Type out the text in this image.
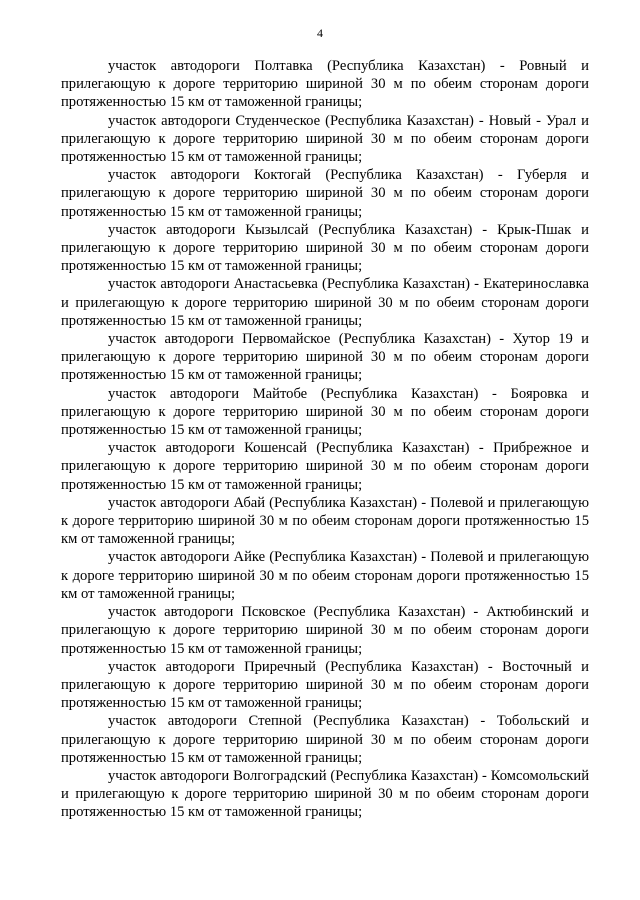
4

участок автодороги Полтавка (Республика Казахстан) - Ровный и прилегающую к дороге территорию шириной 30 м по обеим сторонам дороги протяженностью 15 км от таможенной границы;

участок автодороги Студенческое (Республика Казахстан) - Новый - Урал и прилегающую к дороге территорию шириной 30 м по обеим сторонам дороги протяженностью 15 км от таможенной границы;

участок автодороги Коктогай (Республика Казахстан) - Губерля и прилегающую к дороге территорию шириной 30 м по обеим сторонам дороги протяженностью 15 км от таможенной границы;

участок автодороги Кызылсай (Республика Казахстан) - Крык-Пшак и прилегающую к дороге территорию шириной 30 м по обеим сторонам дороги протяженностью 15 км от таможенной границы;

участок автодороги Анастасьевка (Республика Казахстан) - Екатеринославка и прилегающую к дороге территорию шириной 30 м по обеим сторонам дороги протяженностью 15 км от таможенной границы;

участок автодороги Первомайское (Республика Казахстан) - Хутор 19 и прилегающую к дороге территорию шириной 30 м по обеим сторонам дороги протяженностью 15 км от таможенной границы;

участок автодороги Майтобе (Республика Казахстан) - Бояровка и прилегающую к дороге территорию шириной 30 м по обеим сторонам дороги протяженностью 15 км от таможенной границы;

участок автодороги Кошенсай (Республика Казахстан) - Прибрежное и прилегающую к дороге территорию шириной 30 м по обеим сторонам дороги протяженностью 15 км от таможенной границы;

участок автодороги Абай (Республика Казахстан) - Полевой и прилегающую к дороге территорию шириной 30 м по обеим сторонам дороги протяженностью 15 км от таможенной границы;

участок автодороги Айке (Республика Казахстан) - Полевой и прилегающую к дороге территорию шириной 30 м по обеим сторонам дороги протяженностью 15 км от таможенной границы;

участок автодороги Псковское (Республика Казахстан) - Актюбинский и прилегающую к дороге территорию шириной 30 м по обеим сторонам дороги протяженностью 15 км от таможенной границы;

участок автодороги Приречный (Республика Казахстан) - Восточный и прилегающую к дороге территорию шириной 30 м по обеим сторонам дороги протяженностью 15 км от таможенной границы;

участок автодороги Степной (Республика Казахстан) - Тобольский и прилегающую к дороге территорию шириной 30 м по обеим сторонам дороги протяженностью 15 км от таможенной границы;

участок автодороги Волгоградский (Республика Казахстан) - Комсомольский и прилегающую к дороге территорию шириной 30 м по обеим сторонам дороги протяженностью 15 км от таможенной границы;
